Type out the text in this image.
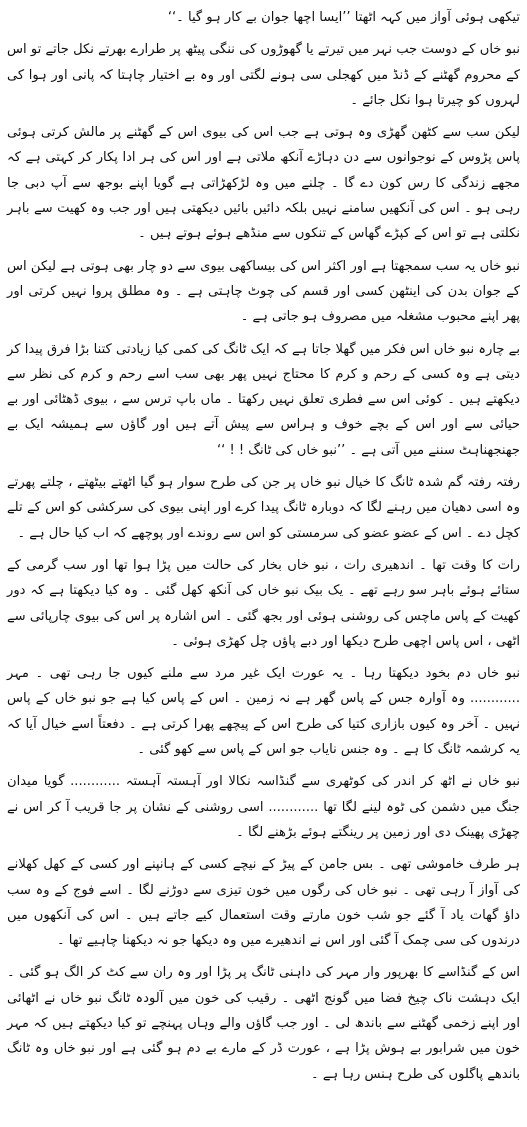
تیکھی ہوئی آواز میں کہہ اٹھتا ’’ایسا اچھا جوان بے کار ہو گیا ۔‘‘

نبو خاں کے دوست جب نہر میں تیرتے یا گھوڑوں کی ننگی پیٹھ پر طرارے بھرتے نکل جاتے تو اس کے محروم گھٹنے کے ڈنڈ میں کھجلی سی ہونے لگتی اور وہ بے اختیار چاہتا کہ پانی اور ہوا کی لہروں کو چیرتا ہوا نکل جائے ۔

لیکن سب سے کٹھن گھڑی وہ ہوتی ہے جب اس کی بیوی اس کے گھٹنے پر مالش کرتی ہوئی پاس پڑوس کے نوجوانوں سے دن دہاڑے آنکھ ملاتی ہے اور اس کی ہر ادا پکار کر کہتی ہے کہ مجھے زندگی کا رس کون دے گا ۔ چلنے میں وہ لڑکھڑاتی ہے گویا اپنے بوجھ سے آپ دبی جا رہی ہو ۔ اس کی آنکھیں سامنے نہیں بلکہ دائیں بائیں دیکھتی ہیں اور جب وہ کھیت سے باہر نکلتی ہے تو اس کے کپڑے گھاس کے تنکوں سے منڈھے ہوئے ہوتے ہیں ۔

نبو خاں یہ سب سمجھتا ہے اور اکثر اس کی بیساکھی بیوی سے دو چار بھی ہوتی ہے لیکن اس کے جوان بدن کی اینٹھن کسی اور قسم کی چوٹ چاہتی ہے ۔ وہ مطلق پروا نہیں کرتی اور پھر اپنے محبوب مشغلہ میں مصروف ہو جاتی ہے ۔

بے چارہ نبو خاں اس فکر میں گھلا جاتا ہے کہ ایک ٹانگ کی کمی کیا زیادتی کتنا بڑا فرق پیدا کر دیتی ہے وہ کسی کے رحم و کرم کا محتاج نہیں پھر بھی سب اسے رحم و کرم کی نظر سے دیکھتے ہیں ۔ کوئی اس سے فطری تعلق نہیں رکھتا ۔ ماں باپ ترس سے ، بیوی ڈھٹائی اور بے حیائی سے اور اس کے بچے خوف و ہراس سے پیش آتے ہیں اور گاؤں سے ہمیشہ ایک بے جھنجھناہٹ سننے میں آتی ہے ۔ ’’نبو خاں کی ٹانگ ! ! ‘‘

رفتہ رفتہ گم شدہ ٹانگ کا خیال نبو خاں پر جن کی طرح سوار ہو گیا اٹھتے بیٹھتے ، چلتے پھرتے وہ اسی دھیان میں رہنے لگا کہ دوبارہ ٹانگ پیدا کرے اور اپنی بیوی کی سرکشی کو اس کے تلے کچل دے ۔ اس کے عضو عضو کی سرمستی کو اس سے روندے اور پوچھے کہ اب کیا حال ہے ۔

رات کا وقت تھا ۔ اندھیری رات ، نبو خاں بخار کی حالت میں پڑا ہوا تھا اور سب گرمی کے ستائے ہوئے باہر سو رہے تھے ۔ یک بیک نبو خاں کی آنکھ کھل گئی ۔ وہ کیا دیکھتا ہے کہ دور کھیت کے پاس ماچس کی روشنی ہوئی اور بجھ گئی ۔ اس اشارہ پر اس کی بیوی چارپائی سے اٹھی ، اس پاس اچھی طرح دیکھا اور دبے پاؤں چل کھڑی ہوئی ۔

نبو خاں دم بخود دیکھتا رہا ۔ یہ عورت ایک غیر مرد سے ملنے کیوں جا رہی تھی ۔ مہر ............ وہ آوارہ جس کے پاس گھر ہے نہ زمین ۔ اس کے پاس کیا ہے جو نبو خاں کے پاس نہیں ۔ آخر وہ کیوں بازاری کتیا کی طرح اس کے پیچھے پھرا کرتی ہے ۔ دفعتاً اسے خیال آیا کہ یہ کرشمہ ٹانگ کا ہے ۔ وہ جنس نایاب جو اس کے پاس سے کھو گئی ۔

نبو خاں نے اٹھ کر اندر کی کوٹھری سے گنڈاسہ نکالا اور آہستہ آہستہ ............ گویا میدان جنگ میں دشمن کی ٹوہ لینے لگا تھا ............ اسی روشنی کے نشان پر جا قریب آ کر اس نے چھڑی پھینک دی اور زمین پر رینگتے ہوئے بڑھنے لگا ۔

ہر طرف خاموشی تھی ۔ بس جامن کے پیڑ کے نیچے کسی کے ہانپنے اور کسی کے کھل کھلانے کی آواز آ رہی تھی ۔ نبو خاں کی رگوں میں خون تیزی سے دوڑنے لگا ۔ اسے فوج کے وہ سب داؤ گھات یاد آ گئے جو شب خون مارتے وقت استعمال کیے جاتے ہیں ۔ اس کی آنکھوں میں درندوں کی سی چمک آ گئی اور اس نے اندھیرے میں وہ دیکھا جو نہ دیکھنا چاہیے تھا ۔

اس کے گنڈاسے کا بھرپور وار مہر کی داہنی ٹانگ پر پڑا اور وہ ران سے کٹ کر الگ ہو گئی ۔ ایک دہشت ناک چیخ فضا میں گونج اٹھی ۔ رقیب کی خون میں آلودہ ٹانگ نبو خاں نے اٹھائی اور اپنے زخمی گھٹنے سے باندھ لی ۔ اور جب گاؤں والے وہاں پہنچے تو کیا دیکھتے ہیں کہ مہر خون میں شرابور بے ہوش پڑا ہے ، عورت ڈر کے مارے بے دم ہو گئی ہے اور نبو خاں وہ ٹانگ باندھے پاگلوں کی طرح ہنس رہا ہے ۔
